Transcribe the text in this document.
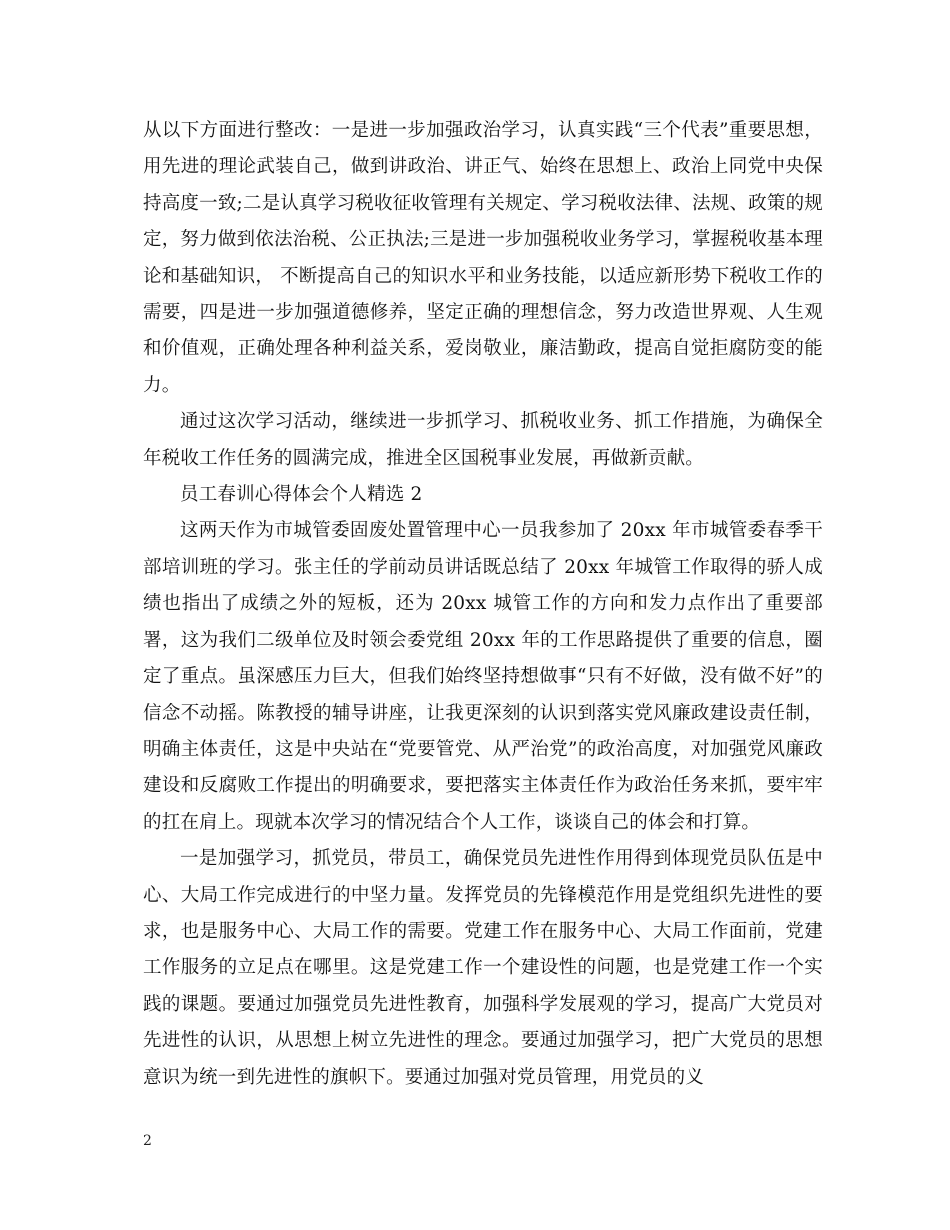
从以下方面进行整改：一是进一步加强政治学习，认真实践“三个代表”重要思想，用先进的理论武装自己，做到讲政治、讲正气、始终在思想上、政治上同党中央保持高度一致;二是认真学习税收征收管理有关规定、学习税收法律、法规、政策的规定，努力做到依法治税、公正执法;三是进一步加强税收业务学习，掌握税收基本理论和基础知识， 不断提高自己的知识水平和业务技能，以适应新形势下税收工作的需要，四是进一步加强道德修养，坚定正确的理想信念，努力改造世界观、人生观和价值观，正确处理各种利益关系，爱岗敬业，廉洁勤政，提高自觉拒腐防变的能力。

通过这次学习活动，继续进一步抓学习、抓税收业务、抓工作措施，为确保全年税收工作任务的圆满完成，推进全区国税事业发展，再做新贡献。

员工春训心得体会个人精选 2

这两天作为市城管委固废处置管理中心一员我参加了 20xx 年市城管委春季干部培训班的学习。张主任的学前动员讲话既总结了 20xx 年城管工作取得的骄人成绩也指出了成绩之外的短板，还为 20xx 城管工作的方向和发力点作出了重要部署，这为我们二级单位及时领会委党组 20xx 年的工作思路提供了重要的信息，圈定了重点。虽深感压力巨大，但我们始终坚持想做事“只有不好做，没有做不好”的信念不动摇。陈教授的辅导讲座，让我更深刻的认识到落实党风廉政建设责任制，明确主体责任，这是中央站在“党要管党、从严治党”的政治高度，对加强党风廉政建设和反腐败工作提出的明确要求，要把落实主体责任作为政治任务来抓，要牢牢的扛在肩上。现就本次学习的情况结合个人工作，谈谈自己的体会和打算。

一是加强学习，抓党员，带员工，确保党员先进性作用得到体现党员队伍是中心、大局工作完成进行的中坚力量。发挥党员的先锋模范作用是党组织先进性的要求，也是服务中心、大局工作的需要。党建工作在服务中心、大局工作面前，党建工作服务的立足点在哪里。这是党建工作一个建设性的问题，也是党建工作一个实践的课题。要通过加强党员先进性教育，加强科学发展观的学习，提高广大党员对先进性的认识，从思想上树立先进性的理念。要通过加强学习，把广大党员的思想意识为统一到先进性的旗帜下。要通过加强对党员管理，用党员的义

2
